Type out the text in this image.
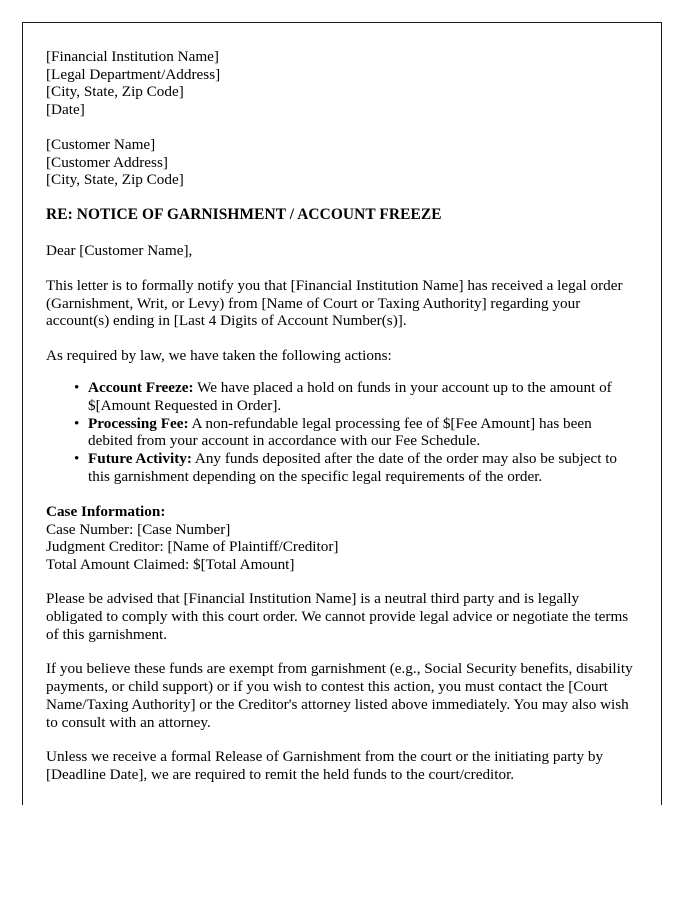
[Financial Institution Name]
[Legal Department/Address]
[City, State, Zip Code]
[Date]
[Customer Name]
[Customer Address]
[City, State, Zip Code]
RE: NOTICE OF GARNISHMENT / ACCOUNT FREEZE
Dear [Customer Name],
This letter is to formally notify you that [Financial Institution Name] has received a legal order (Garnishment, Writ, or Levy) from [Name of Court or Taxing Authority] regarding your account(s) ending in [Last 4 Digits of Account Number(s)].
As required by law, we have taken the following actions:
• Account Freeze: We have placed a hold on funds in your account up to the amount of $[Amount Requested in Order].
• Processing Fee: A non-refundable legal processing fee of $[Fee Amount] has been debited from your account in accordance with our Fee Schedule.
• Future Activity: Any funds deposited after the date of the order may also be subject to this garnishment depending on the specific legal requirements of the order.
Case Information:
Case Number: [Case Number]
Judgment Creditor: [Name of Plaintiff/Creditor]
Total Amount Claimed: $[Total Amount]
Please be advised that [Financial Institution Name] is a neutral third party and is legally obligated to comply with this court order. We cannot provide legal advice or negotiate the terms of this garnishment.
If you believe these funds are exempt from garnishment (e.g., Social Security benefits, disability payments, or child support) or if you wish to contest this action, you must contact the [Court Name/Taxing Authority] or the Creditor's attorney listed above immediately. You may also wish to consult with an attorney.
Unless we receive a formal Release of Garnishment from the court or the initiating party by [Deadline Date], we are required to remit the held funds to the court/creditor.
